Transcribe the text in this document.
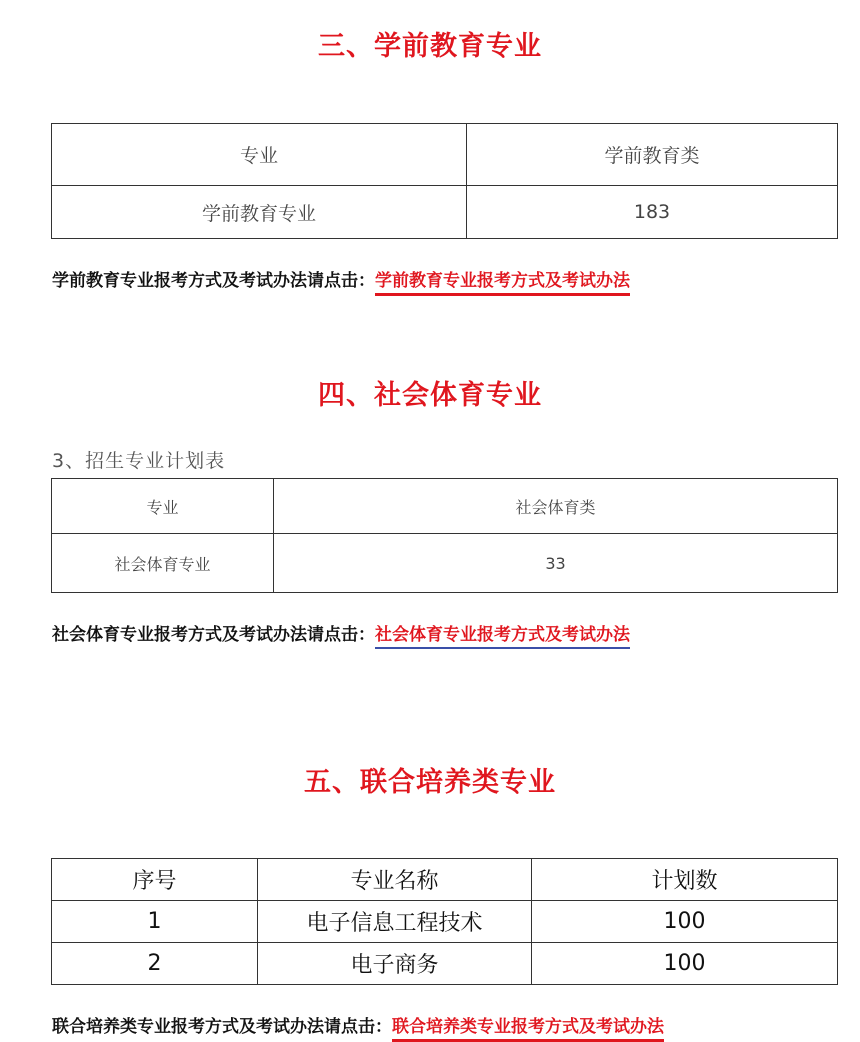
三、学前教育专业
专业	学前教育类
学前教育专业	183
学前教育专业报考方式及考试办法请点击：学前教育专业报考方式及考试办法
四、社会体育专业

3、招生专业计划表

专业	社会体育类
社会体育专业	33
社会体育专业报考方式及考试办法请点击：社会体育专业报考方式及考试办法
五、联合培养类专业
序号	专业名称	计划数
1	电子信息工程技术	100
2	电子商务	100
联合培养类专业报考方式及考试办法请点击：联合培养类专业报考方式及考试办法
